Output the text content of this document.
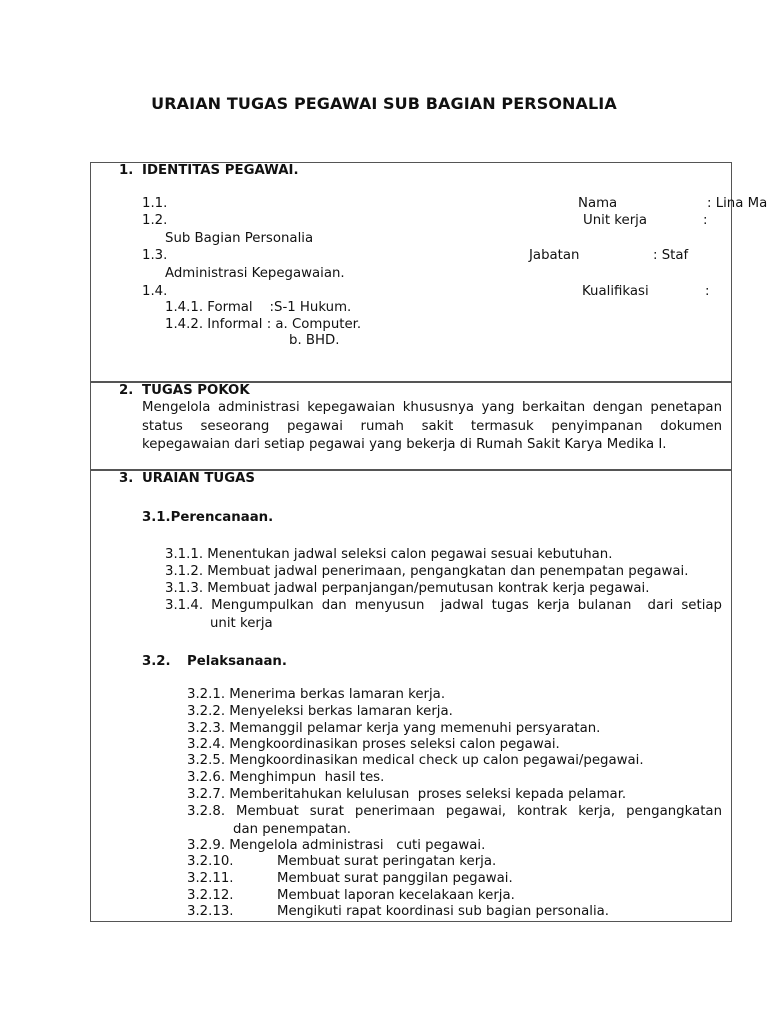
URAIAN TUGAS PEGAWAI SUB BAGIAN PERSONALIA
1. IDENTITAS PEGAWAI.
1.1.	Nama	: Lina Ma
1.2.	Unit kerja	:
Sub Bagian Personalia
1.3.	Jabatan	: Staf
Administrasi Kepegawaian.
1.4.	Kualifikasi	:
1.4.1. Formal    :S-1 Hukum.
1.4.2. Informal : a. Computer.
b. BHD.
2. TUGAS POKOK
Mengelola administrasi kepegawaian khususnya yang berkaitan dengan penetapan
status seseorang pegawai rumah sakit termasuk penyimpanan dokumen
kepegawaian dari setiap pegawai yang bekerja di Rumah Sakit Karya Medika I.
3. URAIAN TUGAS
3.1.Perencanaan.
3.1.1. Menentukan jadwal seleksi calon pegawai sesuai kebutuhan.
3.1.2. Membuat jadwal penerimaan, pengangkatan dan penempatan pegawai.
3.1.3. Membuat jadwal perpanjangan/pemutusan kontrak kerja pegawai.
3.1.4. Mengumpulkan dan menyusun  jadwal tugas kerja bulanan  dari setiap
unit kerja
3.2. Pelaksanaan.
3.2.1. Menerima berkas lamaran kerja.
3.2.2. Menyeleksi berkas lamaran kerja.
3.2.3. Memanggil pelamar kerja yang memenuhi persyaratan.
3.2.4. Mengkoordinasikan proses seleksi calon pegawai.
3.2.5. Mengkoordinasikan medical check up calon pegawai/pegawai.
3.2.6. Menghimpun  hasil tes.
3.2.7. Memberitahukan kelulusan  proses seleksi kepada pelamar.
3.2.8. Membuat surat penerimaan pegawai, kontrak kerja, pengangkatan
dan penempatan.
3.2.9. Mengelola administrasi   cuti pegawai.
3.2.10.	Membuat surat peringatan kerja.
3.2.11.	Membuat surat panggilan pegawai.
3.2.12.	Membuat laporan kecelakaan kerja.
3.2.13.	Mengikuti rapat koordinasi sub bagian personalia.
